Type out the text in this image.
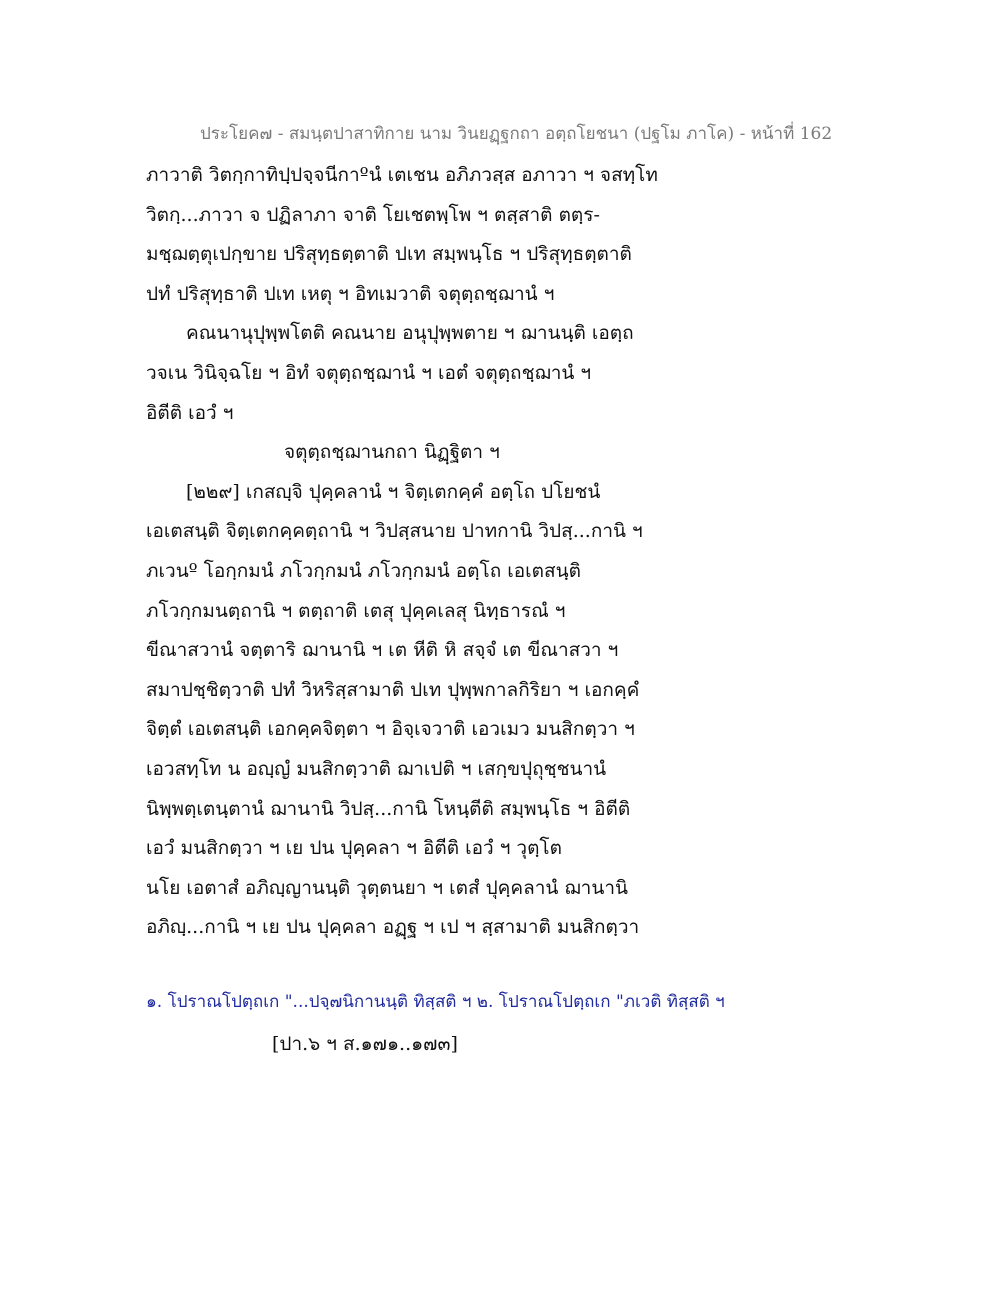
ประโยค๗ - สมนฺตปาสาทิกาย นาม วินยฏฺฐกถา อตฺถโยชนา (ปฐโม ภาโค) - หน้าที่ 162
ภาวาติ วิตกฺกาทิปฺปจฺจนีกาºนํ เตเชน อภิภวสฺส อภาวา ฯ จสทฺโท
วิตกฺ...ภาวา จ ปฏิลาภา จาติ โยเชตพฺโพ ฯ ตสฺสาติ ตตฺร-
มชฺฌตฺตุเปกฺขาย ปริสุทฺธตฺตาติ ปเท สมฺพนฺโธ ฯ ปริสุทฺธตฺตาติ
ปทํ ปริสุทฺธาติ ปเท เหตุ ฯ อิทเมวาติ จตุตฺถชฺฌานํ ฯ
คณนานุปุพฺพโตติ คณนาย อนุปุพฺพตาย ฯ ฌานนฺติ เอตฺถ
วจเน วินิจฺฉโย ฯ อิทํ จตุตฺถชฺฌานํ ฯ เอตํ จตุตฺถชฺฌานํ ฯ
อิตีติ เอวํ ฯ
จตุตฺถชฺฌานกถา นิฏฺฐิตา ฯ
[๒๒๙] เกสญฺจิ ปุคฺคลานํ ฯ จิตฺเตกคฺคํ อตฺโถ ปโยชนํ
เอเตสนฺติ จิตฺเตกคฺคตฺถานิ ฯ วิปสฺสนาย ปาทกานิ วิปสฺ...กานิ ฯ
ภเวนº โอกฺกมนํ ภโวกฺกมนํ ภโวกฺกมนํ อตฺโถ เอเตสนฺติ
ภโวกฺกมนตฺถานิ ฯ ตตฺถาติ เตสุ ปุคฺคเลสุ นิทฺธารณํ ฯ
ขีณาสวานํ จตฺตาริ ฌานานิ ฯ เต หีติ หิ สจฺจํ เต ขีณาสวา ฯ
สมาปชฺชิตฺวาติ ปทํ วิหริสฺสามาติ ปเท ปุพฺพกาลกิริยา ฯ เอกคฺคํ
จิตฺตํ เอเตสนฺติ เอกคฺคจิตฺตา ฯ อิจฺเจวาติ เอวเมว มนสิกตฺวา ฯ
เอวสทฺโท น อญฺญํ มนสิกตฺวาติ ฌาเปติ ฯ เสกฺขปุถุชฺชนานํ
นิพฺพตฺเตนฺตานํ ฌานานิ วิปสฺ...กานิ โหนฺตีติ สมฺพนฺโธ ฯ อิตีติ
เอวํ มนสิกตฺวา ฯ เย ปน ปุคฺคลา ฯ อิตีติ เอวํ ฯ วุตฺโต
นโย เอตาสํ อภิญฺญานนฺติ วุตฺตนยา ฯ เตสํ ปุคฺคลานํ ฌานานิ
อภิญฺ...กานิ ฯ เย ปน ปุคฺคลา อฏฺฐ ฯ เป ฯ สฺสามาติ มนสิกตฺวา
๑. โปราณโปตฺถเก "...ปจฺ๗นิกานนฺติ ทิสฺสติ ฯ ๒. โปราณโปตฺถเก "ภเวติ ทิสฺสติ ฯ
[ปา.๖ ฯ ส.๑๗๑..๑๗๓]
